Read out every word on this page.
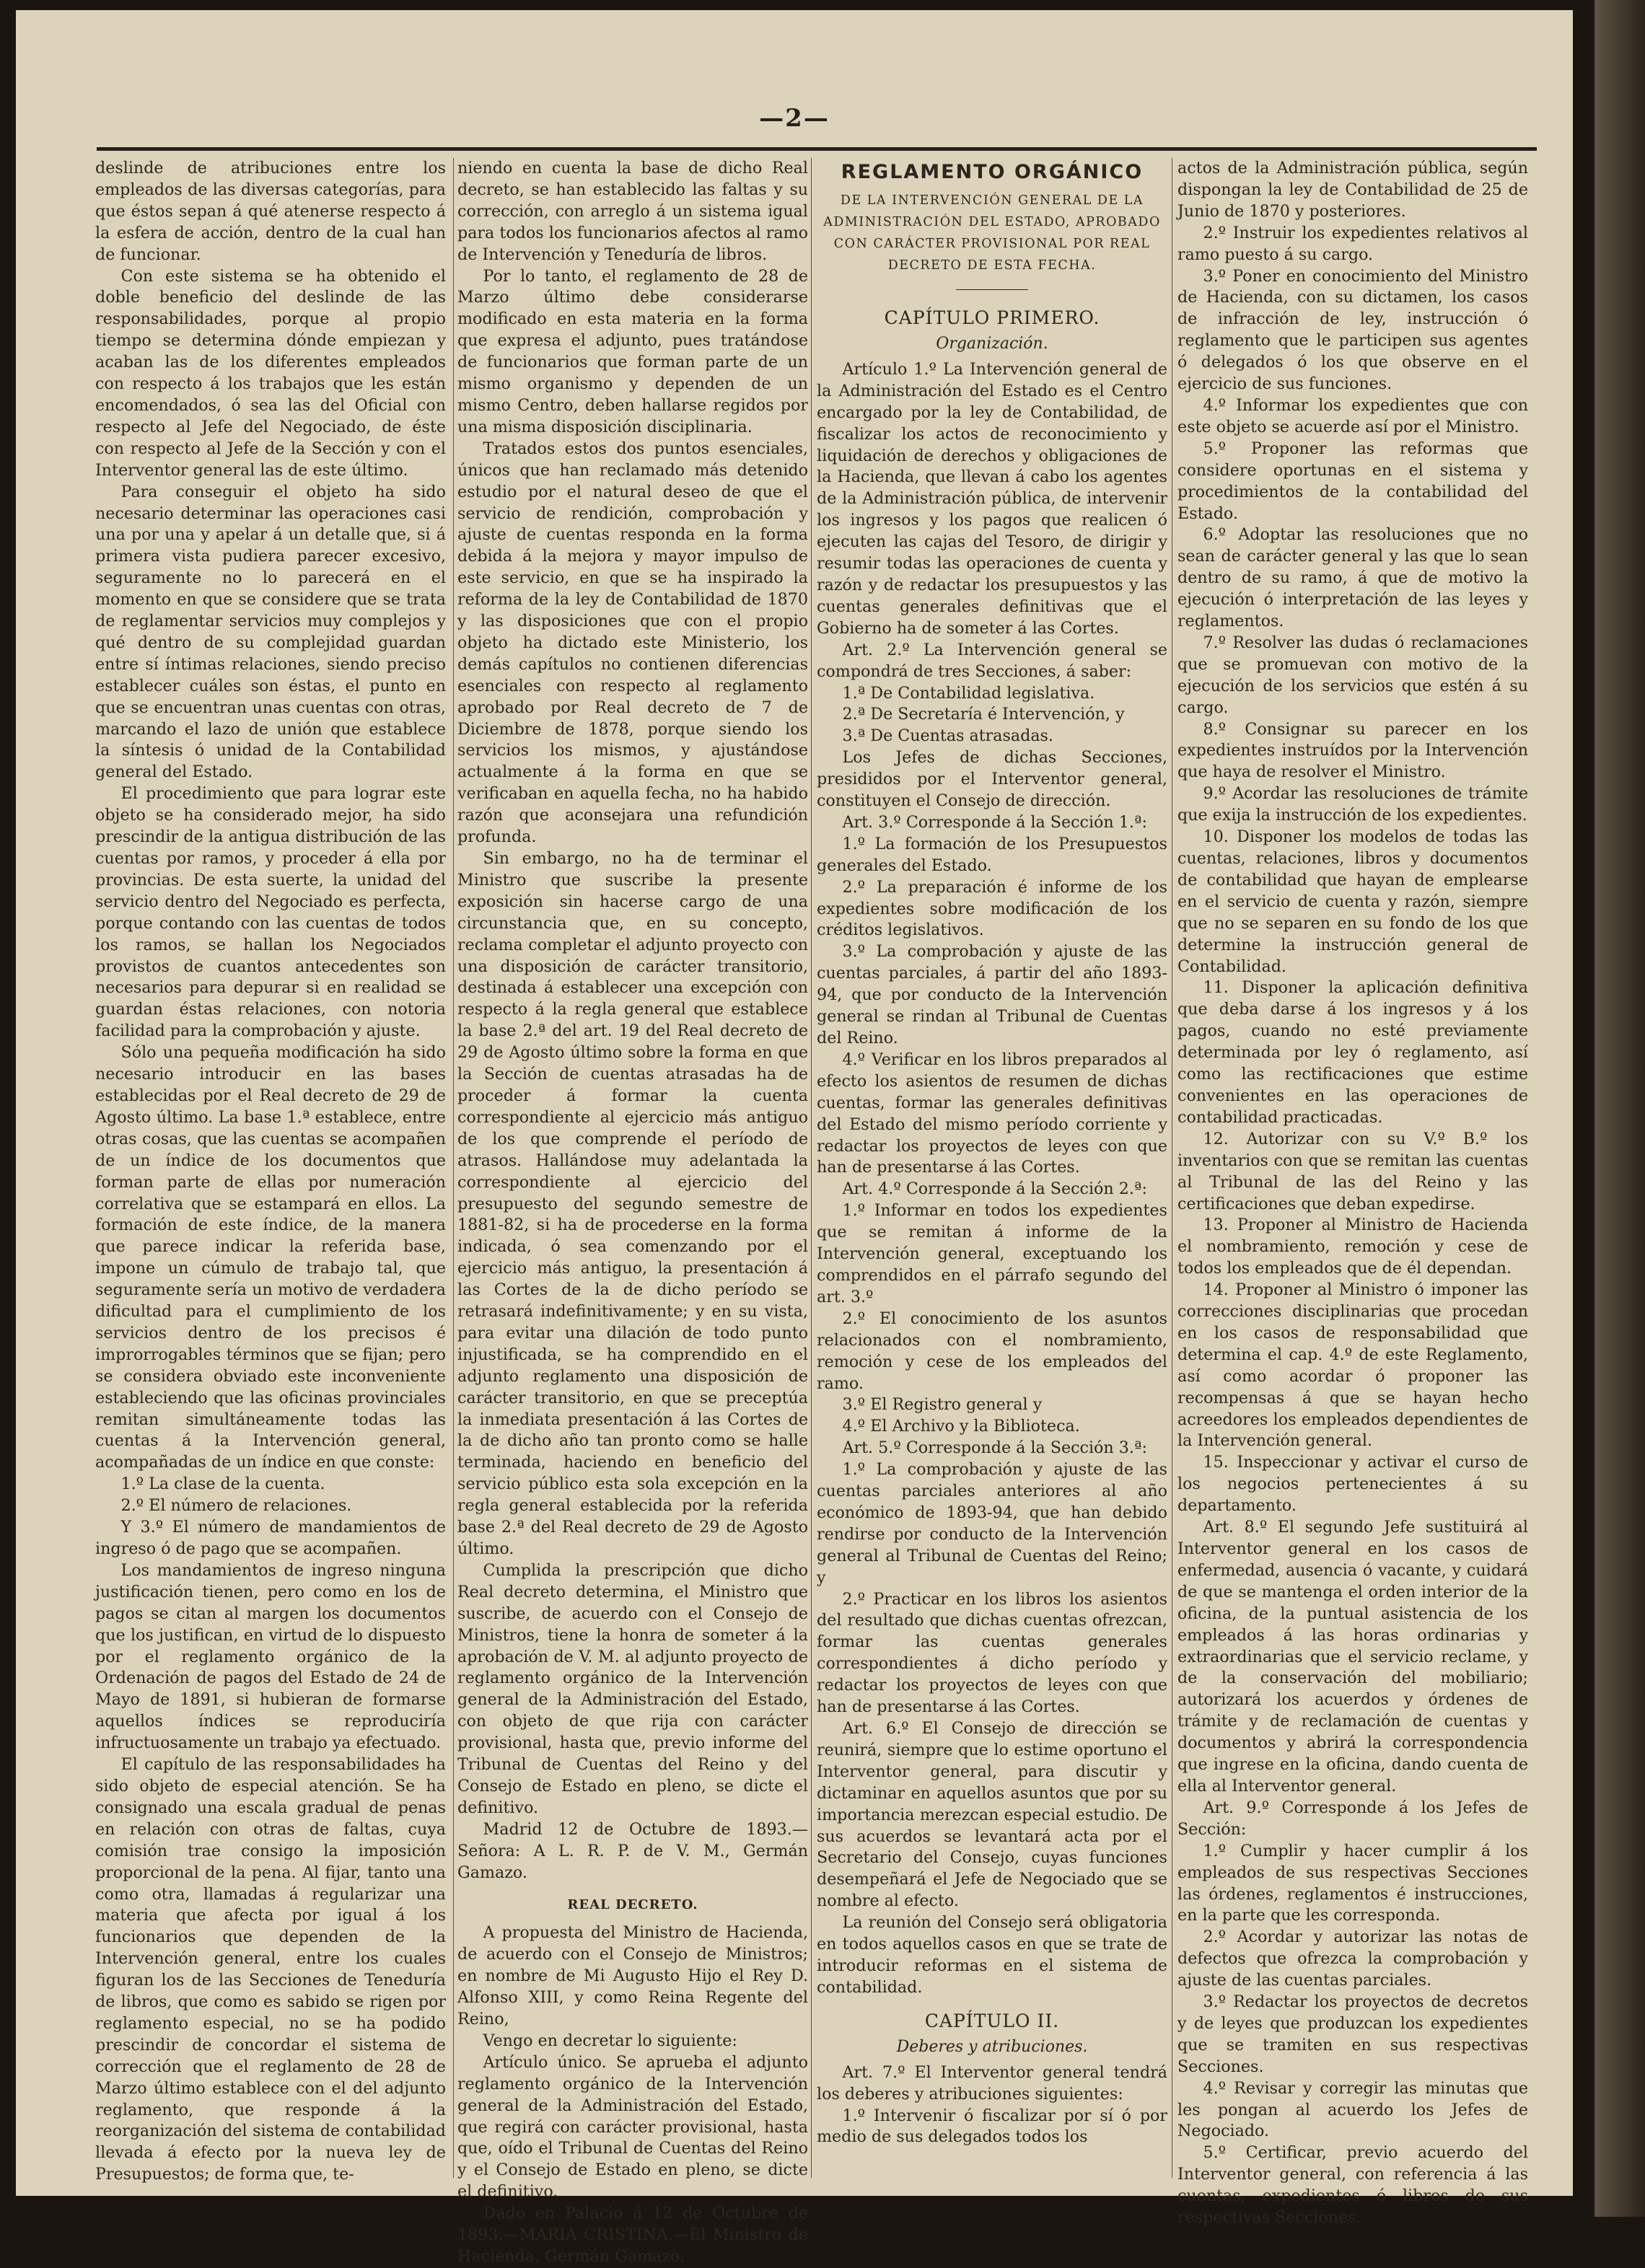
—2—

deslinde de atribuciones entre los empleados de las diversas categorías, para que éstos sepan á qué atenerse respecto á la esfera de acción, dentro de la cual han de funcionar.

Con este sistema se ha obtenido el doble beneficio del deslinde de las responsabilidades, porque al propio tiempo se determina dónde empiezan y acaban las de los diferentes empleados con respecto á los trabajos que les están encomendados, ó sea las del Oficial con respecto al Jefe del Negociado, de éste con respecto al Jefe de la Sección y con el Interventor general las de este último.

Para conseguir el objeto ha sido necesario determinar las operaciones casi una por una y apelar á un detalle que, si á primera vista pudiera parecer excesivo, seguramente no lo parecerá en el momento en que se considere que se trata de reglamentar servicios muy complejos y qué dentro de su complejidad guardan entre sí íntimas relaciones, siendo preciso establecer cuáles son éstas, el punto en que se encuentran unas cuentas con otras, marcando el lazo de unión que establece la síntesis ó unidad de la Contabilidad general del Estado.

El procedimiento que para lograr este objeto se ha considerado mejor, ha sido prescindir de la antigua distribución de las cuentas por ramos, y proceder á ella por provincias. De esta suerte, la unidad del servicio dentro del Negociado es perfecta, porque contando con las cuentas de todos los ramos, se hallan los Negociados provistos de cuantos antecedentes son necesarios para depurar si en realidad se guardan éstas relaciones, con notoria facilidad para la comprobación y ajuste.

Sólo una pequeña modificación ha sido necesario introducir en las bases establecidas por el Real decreto de 29 de Agosto último. La base 1.ª establece, entre otras cosas, que las cuentas se acompañen de un índice de los documentos que forman parte de ellas por numeración correlativa que se estampará en ellos. La formación de este índice, de la manera que parece indicar la referida base, impone un cúmulo de trabajo tal, que seguramente sería un motivo de verdadera dificultad para el cumplimiento de los servicios dentro de los precisos é improrrogables términos que se fijan; pero se considera obviado este inconveniente estableciendo que las oficinas provinciales remitan simultáneamente todas las cuentas á la Intervención general, acompañadas de un índice en que conste:

1.º La clase de la cuenta.

2.º El número de relaciones.

Y 3.º El número de mandamientos de ingreso ó de pago que se acompañen.

Los mandamientos de ingreso ninguna justificación tienen, pero como en los de pagos se citan al margen los documentos que los justifican, en virtud de lo dispuesto por el reglamento orgánico de la Ordenación de pagos del Estado de 24 de Mayo de 1891, si hubieran de formarse aquellos índices se reproduciría infructuosamente un trabajo ya efectuado.

El capítulo de las responsabilidades ha sido objeto de especial atención. Se ha consignado una escala gradual de penas en relación con otras de faltas, cuya comisión trae consigo la imposición proporcional de la pena. Al fijar, tanto una como otra, llamadas á regularizar una materia que afecta por igual á los funcionarios que dependen de la Intervención general, entre los cuales figuran los de las Secciones de Teneduría de libros, que como es sabido se rigen por reglamento especial, no se ha podido prescindir de concordar el sistema de corrección que el reglamento de 28 de Marzo último establece con el del adjunto reglamento, que responde á la reorganización del sistema de contabilidad llevada á efecto por la nueva ley de Presupuestos; de forma que, te-

niendo en cuenta la base de dicho Real decreto, se han establecido las faltas y su corrección, con arreglo á un sistema igual para todos los funcionarios afectos al ramo de Intervención y Teneduría de libros.

Por lo tanto, el reglamento de 28 de Marzo último debe considerarse modificado en esta materia en la forma que expresa el adjunto, pues tratándose de funcionarios que forman parte de un mismo organismo y dependen de un mismo Centro, deben hallarse regidos por una misma disposición disciplinaria.

Tratados estos dos puntos esenciales, únicos que han reclamado más detenido estudio por el natural deseo de que el servicio de rendición, comprobación y ajuste de cuentas responda en la forma debida á la mejora y mayor impulso de este servicio, en que se ha inspirado la reforma de la ley de Contabilidad de 1870 y las disposiciones que con el propio objeto ha dictado este Ministerio, los demás capítulos no contienen diferencias esenciales con respecto al reglamento aprobado por Real decreto de 7 de Diciembre de 1878, porque siendo los servicios los mismos, y ajustándose actualmente á la forma en que se verificaban en aquella fecha, no ha habido razón que aconsejara una refundición profunda.

Sin embargo, no ha de terminar el Ministro que suscribe la presente exposición sin hacerse cargo de una circunstancia que, en su concepto, reclama completar el adjunto proyecto con una disposición de carácter transitorio, destinada á establecer una excepción con respecto á la regla general que establece la base 2.ª del art. 19 del Real decreto de 29 de Agosto último sobre la forma en que la Sección de cuentas atrasadas ha de proceder á formar la cuenta correspondiente al ejercicio más antiguo de los que comprende el período de atrasos. Hallándose muy adelantada la correspondiente al ejercicio del presupuesto del segundo semestre de 1881-82, si ha de procederse en la forma indicada, ó sea comenzando por el ejercicio más antiguo, la presentación á las Cortes de la de dicho período se retrasará indefinitivamente; y en su vista, para evitar una dilación de todo punto injustificada, se ha comprendido en el adjunto reglamento una disposición de carácter transitorio, en que se preceptúa la inmediata presentación á las Cortes de la de dicho año tan pronto como se halle terminada, haciendo en beneficio del servicio público esta sola excepción en la regla general establecida por la referida base 2.ª del Real decreto de 29 de Agosto último.

Cumplida la prescripción que dicho Real decreto determina, el Ministro que suscribe, de acuerdo con el Consejo de Ministros, tiene la honra de someter á la aprobación de V. M. al adjunto proyecto de reglamento orgánico de la Intervención general de la Administración del Estado, con objeto de que rija con carácter provisional, hasta que, previo informe del Tribunal de Cuentas del Reino y del Consejo de Estado en pleno, se dicte el definitivo.

Madrid 12 de Octubre de 1893.—Señora: A L. R. P. de V. M., Germán Gamazo.

REAL DECRETO.

A propuesta del Ministro de Hacienda, de acuerdo con el Consejo de Ministros; en nombre de Mi Augusto Hijo el Rey D. Alfonso XIII, y como Reina Regente del Reino,

Vengo en decretar lo siguiente:

Artículo único. Se aprueba el adjunto reglamento orgánico de la Intervención general de la Administración del Estado, que regirá con carácter provisional, hasta que, oído el Tribunal de Cuentas del Reino y el Consejo de Estado en pleno, se dicte el definitivo.

Dado en Palacio á 12 de Octubre de 1893.—MARIA CRISTINA.—El Ministro de Hacienda, Germán Gamazo.

REGLAMENTO ORGÁNICO
DE LA INTERVENCIÓN GENERAL DE LA ADMINISTRACIÓN DEL ESTADO, APROBADO CON CARÁCTER PROVISIONAL POR REAL DECRETO DE ESTA FECHA.
CAPÍTULO PRIMERO.
Organización.

Artículo 1.º La Intervención general de la Administración del Estado es el Centro encargado por la ley de Contabilidad, de fiscalizar los actos de reconocimiento y liquidación de derechos y obligaciones de la Hacienda, que llevan á cabo los agentes de la Administración pública, de intervenir los ingresos y los pagos que realicen ó ejecuten las cajas del Tesoro, de dirigir y resumir todas las operaciones de cuenta y razón y de redactar los presupuestos y las cuentas generales definitivas que el Gobierno ha de someter á las Cortes.

Art. 2.º La Intervención general se compondrá de tres Secciones, á saber:

1.ª De Contabilidad legislativa.

2.ª De Secretaría é Intervención, y

3.ª De Cuentas atrasadas.

Los Jefes de dichas Secciones, presididos por el Interventor general, constituyen el Consejo de dirección.

Art. 3.º Corresponde á la Sección 1.ª:

1.º La formación de los Presupuestos generales del Estado.

2.º La preparación é informe de los expedientes sobre modificación de los créditos legislativos.

3.º La comprobación y ajuste de las cuentas parciales, á partir del año 1893-94, que por conducto de la Intervención general se rindan al Tribunal de Cuentas del Reino.

4.º Verificar en los libros preparados al efecto los asientos de resumen de dichas cuentas, formar las generales definitivas del Estado del mismo período corriente y redactar los proyectos de leyes con que han de presentarse á las Cortes.

Art. 4.º Corresponde á la Sección 2.ª:

1.º Informar en todos los expedientes que se remitan á informe de la Intervención general, exceptuando los comprendidos en el párrafo segundo del art. 3.º

2.º El conocimiento de los asuntos relacionados con el nombramiento, remoción y cese de los empleados del ramo.

3.º El Registro general y

4.º El Archivo y la Biblioteca.

Art. 5.º Corresponde á la Sección 3.ª:

1.º La comprobación y ajuste de las cuentas parciales anteriores al año económico de 1893-94, que han debido rendirse por conducto de la Intervención general al Tribunal de Cuentas del Reino; y

2.º Practicar en los libros los asientos del resultado que dichas cuentas ofrezcan, formar las cuentas generales correspondientes á dicho período y redactar los proyectos de leyes con que han de presentarse á las Cortes.

Art. 6.º El Consejo de dirección se reunirá, siempre que lo estime oportuno el Interventor general, para discutir y dictaminar en aquellos asuntos que por su importancia merezcan especial estudio. De sus acuerdos se levantará acta por el Secretario del Consejo, cuyas funciones desempeñará el Jefe de Negociado que se nombre al efecto.

La reunión del Consejo será obligatoria en todos aquellos casos en que se trate de introducir reformas en el sistema de contabilidad.

CAPÍTULO II.
Deberes y atribuciones.

Art. 7.º El Interventor general tendrá los deberes y atribuciones siguientes:

1.º Intervenir ó fiscalizar por sí ó por medio de sus delegados todos los

actos de la Administración pública, según dispongan la ley de Contabilidad de 25 de Junio de 1870 y posteriores.

2.º Instruir los expedientes relativos al ramo puesto á su cargo.

3.º Poner en conocimiento del Ministro de Hacienda, con su dictamen, los casos de infracción de ley, instrucción ó reglamento que le participen sus agentes ó delegados ó los que observe en el ejercicio de sus funciones.

4.º Informar los expedientes que con este objeto se acuerde así por el Ministro.

5.º Proponer las reformas que considere oportunas en el sistema y procedimientos de la contabilidad del Estado.

6.º Adoptar las resoluciones que no sean de carácter general y las que lo sean dentro de su ramo, á que de motivo la ejecución ó interpretación de las leyes y reglamentos.

7.º Resolver las dudas ó reclamaciones que se promuevan con motivo de la ejecución de los servicios que estén á su cargo.

8.º Consignar su parecer en los expedientes instruídos por la Intervención que haya de resolver el Ministro.

9.º Acordar las resoluciones de trámite que exija la instrucción de los expedientes.

10. Disponer los modelos de todas las cuentas, relaciones, libros y documentos de contabilidad que hayan de emplearse en el servicio de cuenta y razón, siempre que no se separen en su fondo de los que determine la instrucción general de Contabilidad.

11. Disponer la aplicación definitiva que deba darse á los ingresos y á los pagos, cuando no esté previamente determinada por ley ó reglamento, así como las rectificaciones que estime convenientes en las operaciones de contabilidad practicadas.

12. Autorizar con su V.º B.º los inventarios con que se remitan las cuentas al Tribunal de las del Reino y las certificaciones que deban expedirse.

13. Proponer al Ministro de Hacienda el nombramiento, remoción y cese de todos los empleados que de él dependan.

14. Proponer al Ministro ó imponer las correcciones disciplinarias que procedan en los casos de responsabilidad que determina el cap. 4.º de este Reglamento, así como acordar ó proponer las recompensas á que se hayan hecho acreedores los empleados dependientes de la Intervención general.

15. Inspeccionar y activar el curso de los negocios pertenecientes á su departamento.

Art. 8.º El segundo Jefe sustituirá al Interventor general en los casos de enfermedad, ausencia ó vacante, y cuidará de que se mantenga el orden interior de la oficina, de la puntual asistencia de los empleados á las horas ordinarias y extraordinarias que el servicio reclame, y de la conservación del mobiliario; autorizará los acuerdos y órdenes de trámite y de reclamación de cuentas y documentos y abrirá la correspondencia que ingrese en la oficina, dando cuenta de ella al Interventor general.

Art. 9.º Corresponde á los Jefes de Sección:

1.º Cumplir y hacer cumplir á los empleados de sus respectivas Secciones las órdenes, reglamentos é instrucciones, en la parte que les corresponda.

2.º Acordar y autorizar las notas de defectos que ofrezca la comprobación y ajuste de las cuentas parciales.

3.º Redactar los proyectos de decretos y de leyes que produzcan los expedientes que se tramiten en sus respectivas Secciones.

4.º Revisar y corregir las minutas que les pongan al acuerdo los Jefes de Negociado.

5.º Certificar, previo acuerdo del Interventor general, con referencia á las cuentas, expedientes ó libros de sus respectivas Secciones.
